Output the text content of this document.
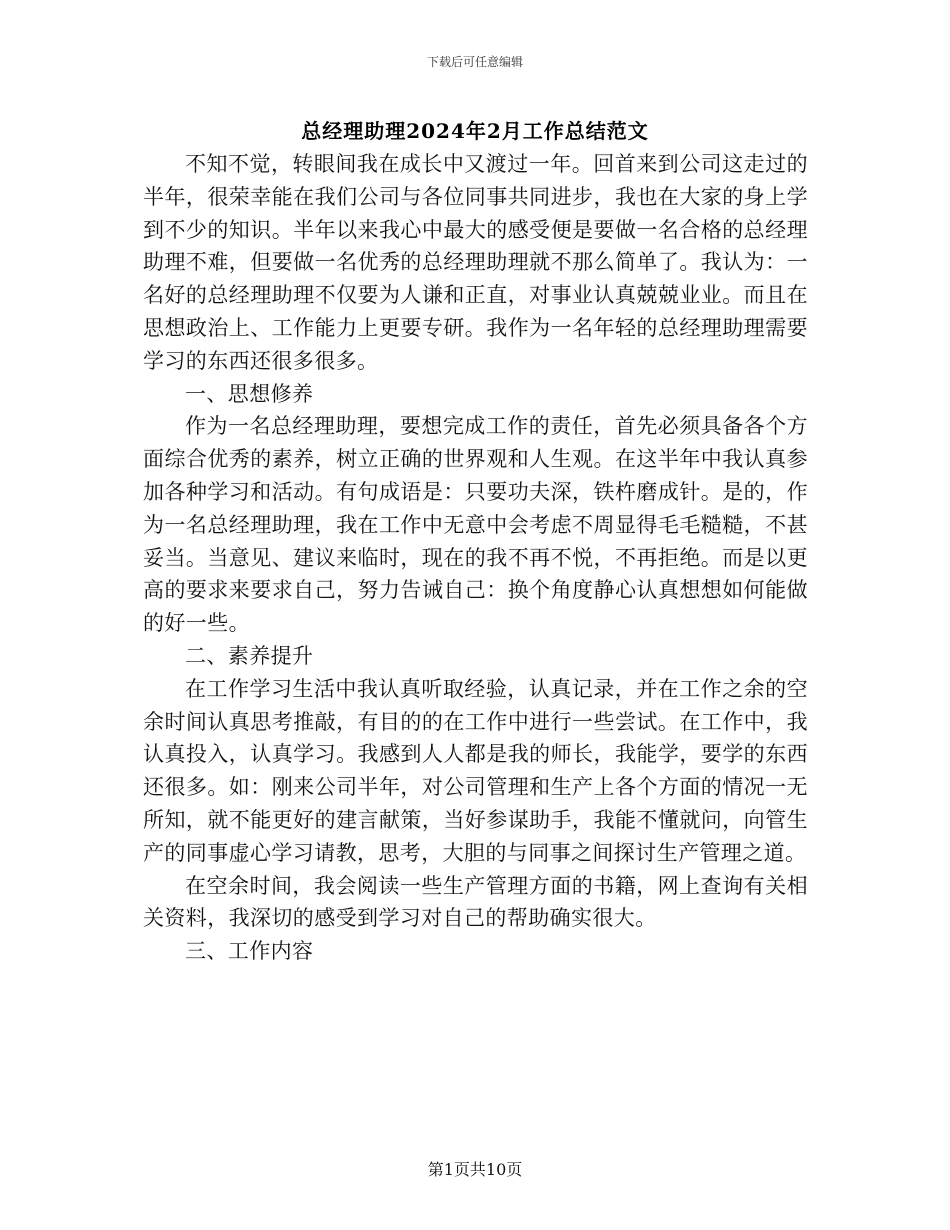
下载后可任意编辑
总经理助理2024年2月工作总结范文

不知不觉，转眼间我在成长中又渡过一年。回首来到公司这走过的半年，很荣幸能在我们公司与各位同事共同进步，我也在大家的身上学到不少的知识。半年以来我心中最大的感受便是要做一名合格的总经理助理不难，但要做一名优秀的总经理助理就不那么简单了。我认为：一名好的总经理助理不仅要为人谦和正直，对事业认真兢兢业业。而且在思想政治上、工作能力上更要专研。我作为一名年轻的总经理助理需要学习的东西还很多很多。

一、思想修养

作为一名总经理助理，要想完成工作的责任，首先必须具备各个方面综合优秀的素养，树立正确的世界观和人生观。在这半年中我认真参加各种学习和活动。有句成语是：只要功夫深，铁杵磨成针。是的，作为一名总经理助理，我在工作中无意中会考虑不周显得毛毛糙糙，不甚妥当。当意见、建议来临时，现在的我不再不悦，不再拒绝。而是以更高的要求来要求自己，努力告诫自己：换个角度静心认真想想如何能做的好一些。

二、素养提升

在工作学习生活中我认真听取经验，认真记录，并在工作之余的空余时间认真思考推敲，有目的的在工作中进行一些尝试。在工作中，我认真投入，认真学习。我感到人人都是我的师长，我能学，要学的东西还很多。如：刚来公司半年，对公司管理和生产上各个方面的情况一无所知，就不能更好的建言献策，当好参谋助手，我能不懂就问，向管生产的同事虚心学习请教，思考，大胆的与同事之间探讨生产管理之道。

在空余时间，我会阅读一些生产管理方面的书籍，网上查询有关相关资料，我深切的感受到学习对自己的帮助确实很大。

三、工作内容

第1页共10页
